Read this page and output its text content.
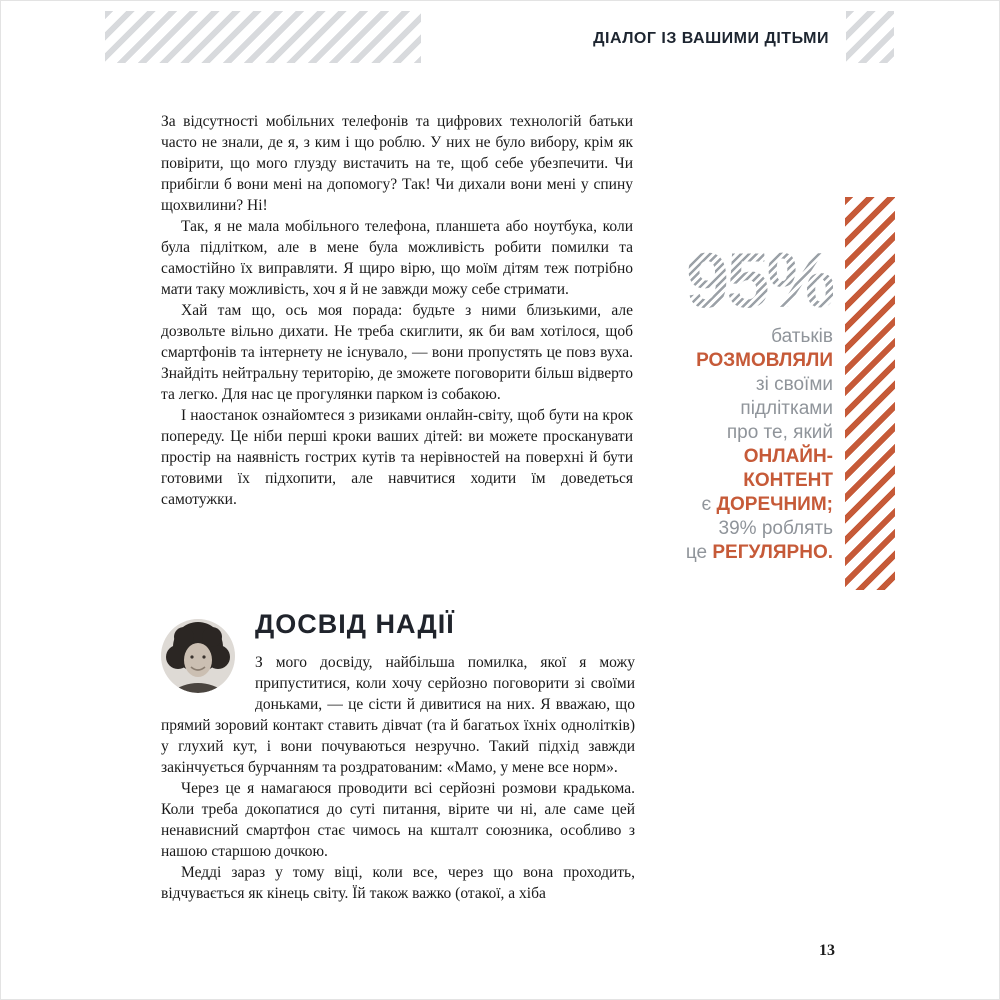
ДІАЛОГ ІЗ ВАШИМИ ДІТЬМИ

За відсутності мобільних телефонів та цифрових технологій батьки часто не знали, де я, з ким і що роблю. У них не було вибору, крім як повірити, що мого глузду вистачить на те, щоб себе убезпечити. Чи прибігли б вони мені на допомогу? Так! Чи дихали вони мені у спину щохвилини? Ні!

Так, я не мала мобільного телефона, планшета або ноутбука, коли була підлітком, але в мене була можливість робити помилки та самостійно їх виправляти. Я щиро вірю, що моїм дітям теж потрібно мати таку можливість, хоч я й не завжди можу себе стримати.

Хай там що, ось моя порада: будьте з ними близькими, але дозвольте вільно дихати. Не треба скиглити, як би вам хотілося, щоб смартфонів та інтернету не існувало, — вони пропустять це повз вуха. Знайдіть нейтральну територію, де зможете поговорити більш відверто та легко. Для нас це прогулянки парком із собакою.

І наостанок ознайомтеся з ризиками онлайн-світу, щоб бути на крок попереду. Це ніби перші кроки ваших дітей: ви можете просканувати простір на наявність гострих кутів та нерівностей на поверхні й бути готовими їх підхопити, але навчитися ходити їм доведеться самотужки.

95%
батьків
РОЗМОВЛЯЛИ
зі своїми
підлітками
про те, який
ОНЛАЙН-
КОНТЕНТ
є ДОРЕЧНИМ;
39% роблять
це РЕГУЛЯРНО.
ДОСВІД НАДІЇ

З мого досвіду, найбільша помилка, якої я можу припуститися, коли хочу серйозно поговорити зі своїми доньками, — це сісти й дивитися на них. Я вважаю, що прямий зоровий контакт ставить дівчат (та й багатьох їхніх однолітків) у глухий кут, і вони почуваються незручно. Такий підхід завжди закінчується бурчанням та роздратованим: «Мамо, у мене все норм».

Через це я намагаюся проводити всі серйозні розмови крадькома. Коли треба докопатися до суті питання, вірите чи ні, але саме цей ненависний смартфон стає чимось на кшталт союзника, особливо з нашою старшою дочкою.

Медді зараз у тому віці, коли все, через що вона проходить, відчувається як кінець світу. Їй також важко (отакої, а хіба

13
